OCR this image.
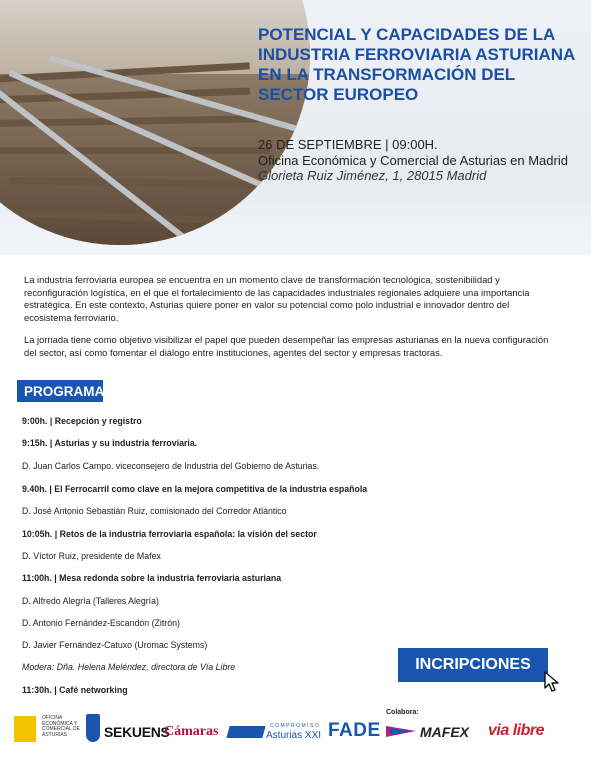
POTENCIAL Y CAPACIDADES DE LA INDUSTRIA FERROVIARIA ASTURIANA EN LA TRANSFORMACIÓN DEL SECTOR EUROPEO
26 DE SEPTIEMBRE | 09:00H.
Oficina Económica y Comercial de Asturias en Madrid
Glorieta Ruiz Jiménez, 1, 28015 Madrid

La industria ferroviaria europea se encuentra en un momento clave de transformación tecnológica, sostenibilidad y reconfiguración logística, en el que el fortalecimiento de las capacidades industriales regionales adquiere una importancia estratégica. En este contexto, Asturias quiere poner en valor su potencial como polo industrial e innovador dentro del ecosistema ferroviario.

La jornada tiene como objetivo visibilizar el papel que pueden desempeñar las empresas asturianas en la nueva configuración del sector, así como fomentar el diálogo entre instituciones, agentes del sector y empresas tractoras.

PROGRAMA
9:00h. | Recepción y registro
9:15h. | Asturias y su industria ferroviaria.
D. Juan Carlos Campo. viceconsejero de Industria del Gobierno de Asturias.
9.40h. | El Ferrocarril como clave en la mejora competitiva de la industria española
D. José Antonio Sebastián Ruiz, comisionado del Corredor Atlántico
10:05h. | Retos de la industria ferroviaria española: la visión del sector
D. Víctor Ruiz, presidente de Mafex
11:00h. | Mesa redonda sobre la industria ferroviaria asturiana
D. Alfredo Alegría (Talleres Alegría)
D. Antonio Fernández-Escandón (Zitrón)
D. Javier Fernández-Catuxo (Uromac Systems)
Modera: Dña. Helena Meléndez, directora de Vía Libre
11:30h. | Café networking
INCRIPCIONES
Colabora:
OFICINA ECONÓMICA Y COMERCIAL DE ASTURIAS	SEKUENS
Cámaras	COMPROMISO
Asturias XXI FADE	MAFEX via libre
